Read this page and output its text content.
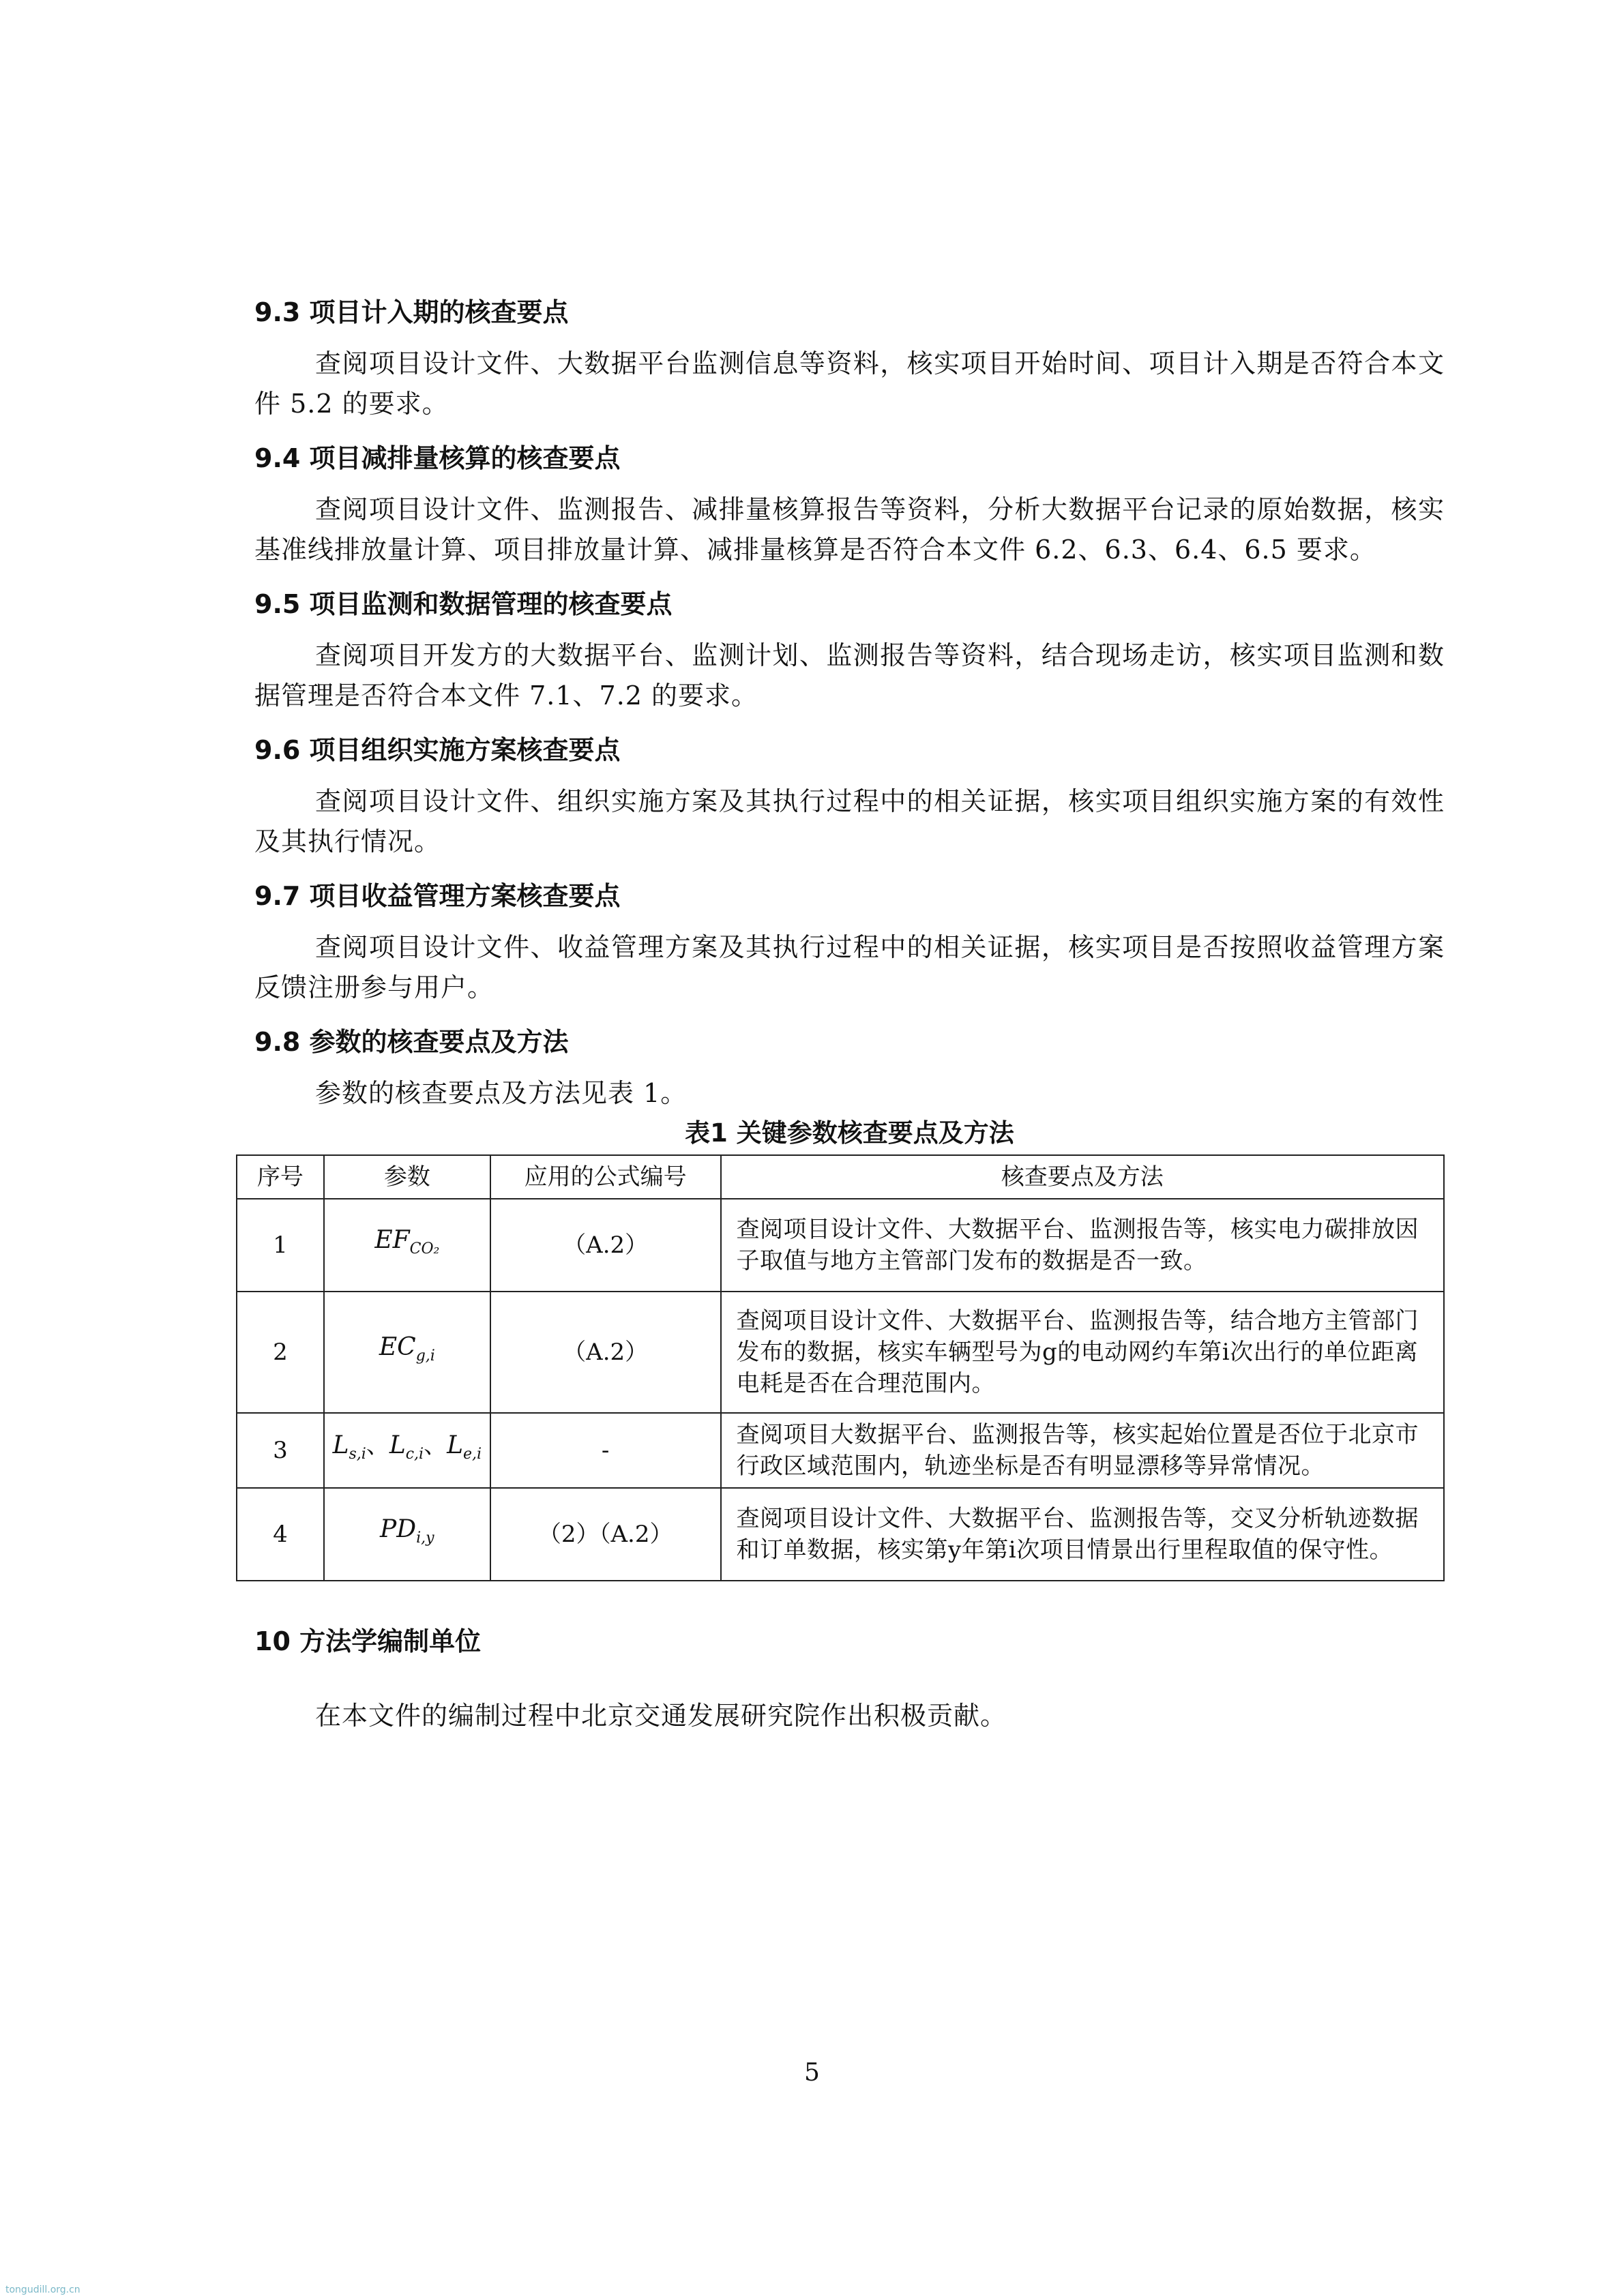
9.3 项目计入期的核查要点

查阅项目设计文件、大数据平台监测信息等资料，核实项目开始时间、项目计入期是否符合本文件 5.2 的要求。

9.4 项目减排量核算的核查要点

查阅项目设计文件、监测报告、减排量核算报告等资料，分析大数据平台记录的原始数据，核实基准线排放量计算、项目排放量计算、减排量核算是否符合本文件 6.2、6.3、6.4、6.5 要求。

9.5 项目监测和数据管理的核查要点

查阅项目开发方的大数据平台、监测计划、监测报告等资料，结合现场走访，核实项目监测和数据管理是否符合本文件 7.1、7.2 的要求。

9.6 项目组织实施方案核查要点

查阅项目设计文件、组织实施方案及其执行过程中的相关证据，核实项目组织实施方案的有效性及其执行情况。

9.7 项目收益管理方案核查要点

查阅项目设计文件、收益管理方案及其执行过程中的相关证据，核实项目是否按照收益管理方案反馈注册参与用户。

9.8 参数的核查要点及方法

参数的核查要点及方法见表 1。

表1 关键参数核查要点及方法
序号	参数	应用的公式编号	核查要点及方法
1	$EF_{CO_2}$	（A.2）	查阅项目设计文件、大数据平台、监测报告等，核实电力碳排放因子取值与地方主管部门发布的数据是否一致。
2	$EC_{g,i}$	（A.2）	查阅项目设计文件、大数据平台、监测报告等，结合地方主管部门发布的数据，核实车辆型号为g的电动网约车第i次出行的单位距离电耗是否在合理范围内。
3	$L_{s,i}$、$L_{c,i}$、$L_{e,i}$	-	查阅项目大数据平台、监测报告等，核实起始位置是否位于北京市行政区域范围内，轨迹坐标是否有明显漂移等异常情况。
4	$PD_{i,y}$	（2）（A.2）	查阅项目设计文件、大数据平台、监测报告等，交叉分析轨迹数据和订单数据，核实第y年第i次项目情景出行里程取值的保守性。

10 方法学编制单位

在本文件的编制过程中北京交通发展研究院作出积极贡献。

5
tongudill.org.cn
